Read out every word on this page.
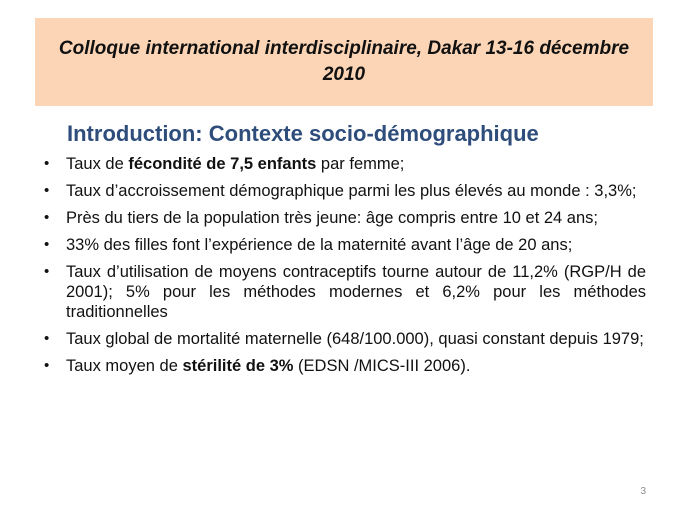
Colloque international interdisciplinaire, Dakar 13-16 décembre 2010
Introduction: Contexte socio-démographique
•	Taux de fécondité de 7,5 enfants par femme;
•	Taux d’accroissement démographique parmi les plus élevés au monde : 3,3%;
•	Près du tiers de la population très jeune: âge compris entre 10 et 24 ans;
•	33% des filles font l’expérience de la maternité avant l’âge de 20 ans;
•	Taux d’utilisation de moyens contraceptifs tourne autour de 11,2% (RGP/H de 2001); 5% pour les méthodes modernes et 6,2% pour les méthodes traditionnelles
•	Taux global de mortalité maternelle (648/100.000), quasi constant depuis 1979;
•	Taux moyen de stérilité de 3% (EDSN /MICS-III 2006).
3
